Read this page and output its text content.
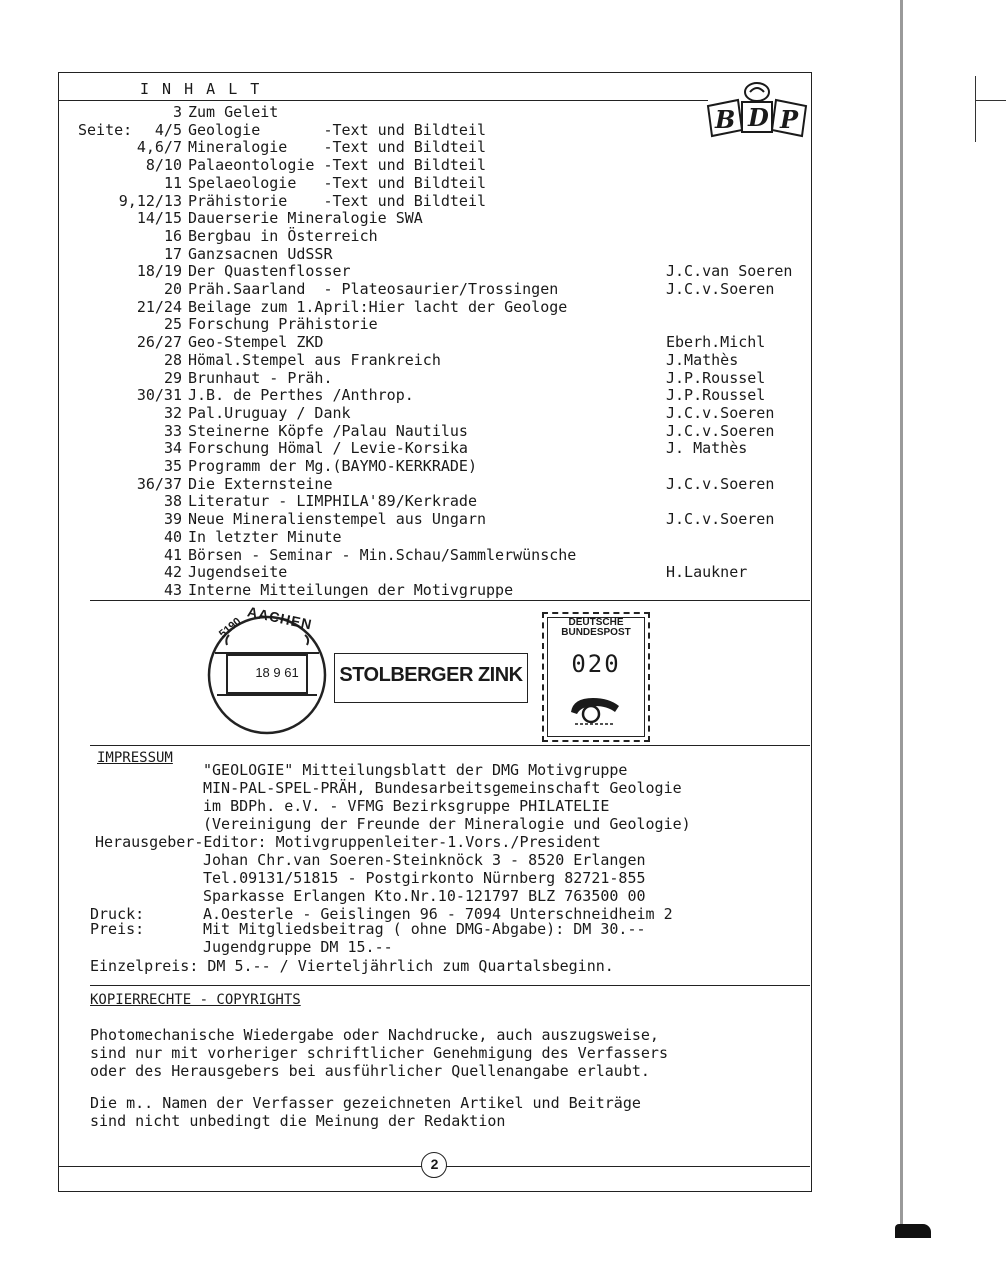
I N H A L T
B D P

Seite:

3 Zum Geleit
4/5 Geologie       -Text und Bildteil
4,6/7 Mineralogie    -Text und Bildteil
8/10 Palaeontologie -Text und Bildteil
11 Spelaeologie   -Text und Bildteil
9,12/13 Prähistorie    -Text und Bildteil
14/15 Dauerserie Mineralogie SWA
16 Bergbau in Österreich
17 Ganzsacnen UdSSR
18/19 Der Quastenflosser	J.C.van Soeren
20 Präh.Saarland  - Plateosaurier/Trossingen	J.C.v.Soeren
21/24 Beilage zum 1.April:Hier lacht der Geologe
25 Forschung Prähistorie
26/27 Geo-Stempel ZKD	Eberh.Michl
28 Hömal.Stempel aus Frankreich	J.Mathès
29 Brunhaut - Präh.	J.P.Roussel
30/31 J.B. de Perthes /Anthrop.	J.P.Roussel
32 Pal.Uruguay / Dank	J.C.v.Soeren
33 Steinerne Köpfe /Palau Nautilus	J.C.v.Soeren
34 Forschung Hömal / Levie-Korsika	J. Mathès
35 Programm der Mg.(BAYMO-KERKRADE)
36/37 Die Externsteine	J.C.v.Soeren
38 Literatur - LIMPHILA'89/Kerkrade
39 Neue Mineralienstempel aus Ungarn	J.C.v.Soeren
40 In letzter Minute
41 Börsen - Seminar - Min.Schau/Sammlerwünsche
42 Jugendseite	H.Laukner
43 Interne Mitteilungen der Motivgruppe
5190 AACHEN
18 9 61	STOLBERGER ZINK
DEUTSCHE
BUNDESPOST
020
IMPRESSUM
"GEOLOGIE" Mitteilungsblatt der DMG Motivgruppe
MIN-PAL-SPEL-PRÄH, Bundesarbeitsgemeinschaft Geologie
im BDPh. e.V. - VFMG Bezirksgruppe PHILATELIE
(Vereinigung der Freunde der Mineralogie und Geologie)
Herausgeber-Editor: Motivgruppenleiter-1.Vors./President
Johan Chr.van Soeren-Steinknöck 3 - 8520 Erlangen
Tel.09131/51815 - Postgirkonto Nürnberg 82721-855
Sparkasse Erlangen Kto.Nr.10-121797 BLZ 763500 00
Druck:	A.Oesterle - Geislingen 96 - 7094 Unterschneidheim 2
Preis:	Mit Mitgliedsbeitrag ( ohne DMG-Abgabe): DM 30.--
Jugendgruppe DM 15.--
Einzelpreis: DM 5.-- / Vierteljährlich zum Quartalsbeginn.
KOPIERRECHTE - COPYRIGHTS
Photomechanische Wiedergabe oder Nachdrucke, auch auszugsweise,
sind nur mit vorheriger schriftlicher Genehmigung des Verfassers
oder des Herausgebers bei ausführlicher Quellenangabe erlaubt.
Die m.. Namen der Verfasser gezeichneten Artikel und Beiträge
sind nicht unbedingt die Meinung der Redaktion
2
